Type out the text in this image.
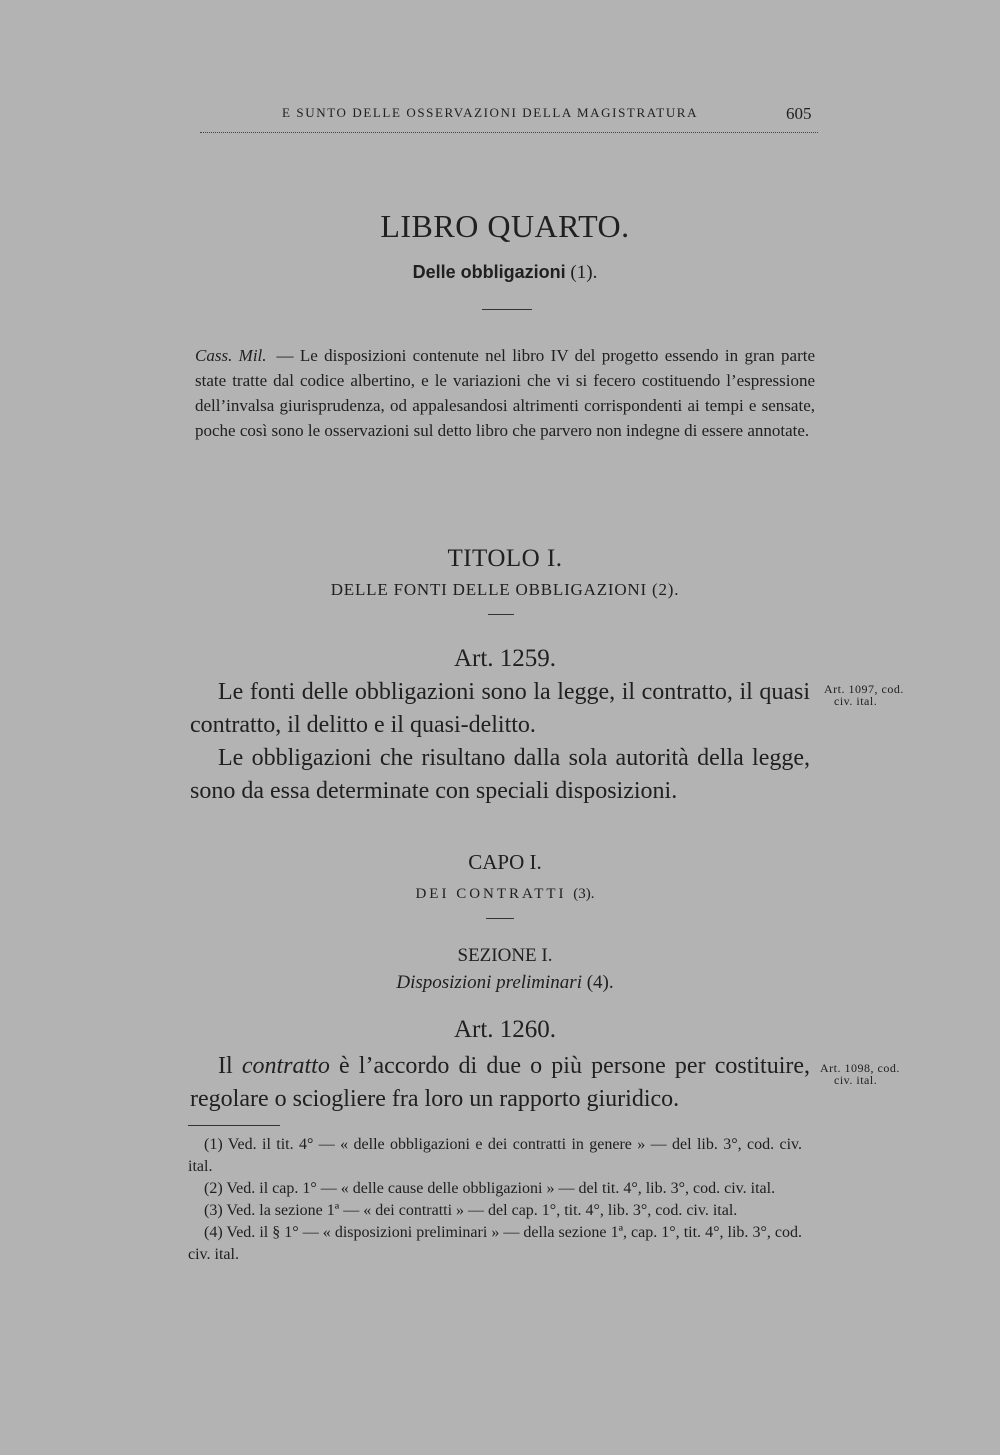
E SUNTO DELLE OSSERVAZIONI DELLA MAGISTRATURA	605
LIBRO QUARTO.
Delle obbligazioni (1).
Cass. Mil. — Le disposizioni contenute nel libro IV del progetto essendo in gran parte state tratte dal codice albertino, e le variazioni che vi si fecero costituendo l’espressione dell’invalsa giurisprudenza, od appalesandosi altrimenti corrispondenti ai tempi e sensate, poche così sono le osservazioni sul detto libro che parvero non indegne di essere annotate.
TITOLO I.
DELLE FONTI DELLE OBBLIGAZIONI (2).
Art. 1259.

Le fonti delle obbligazioni sono la legge, il contratto, il quasi contratto, il delitto e il quasi-delitto.

Le obbligazioni che risultano dalla sola autorità della legge, sono da essa determinate con speciali disposizioni.

Art. 1097, cod.
civ. ital.
CAPO I.
DEI CONTRATTI (3).
SEZIONE I.
Disposizioni preliminari (4).
Art. 1260.

Il contratto è l’accordo di due o più persone per costituire, regolare o sciogliere fra loro un rapporto giuridico.

Art. 1098, cod.
civ. ital.

(1) Ved. il tit. 4° — « delle obbligazioni e dei contratti in genere » — del lib. 3°, cod. civ. ital.

(2) Ved. il cap. 1° — « delle cause delle obbligazioni » — del tit. 4°, lib. 3°, cod. civ. ital.

(3) Ved. la sezione 1ª — « dei contratti » — del cap. 1°, tit. 4°, lib. 3°, cod. civ. ital.

(4) Ved. il § 1° — « disposizioni preliminari » — della sezione 1ª, cap. 1°, tit. 4°, lib. 3°, cod. civ. ital.
